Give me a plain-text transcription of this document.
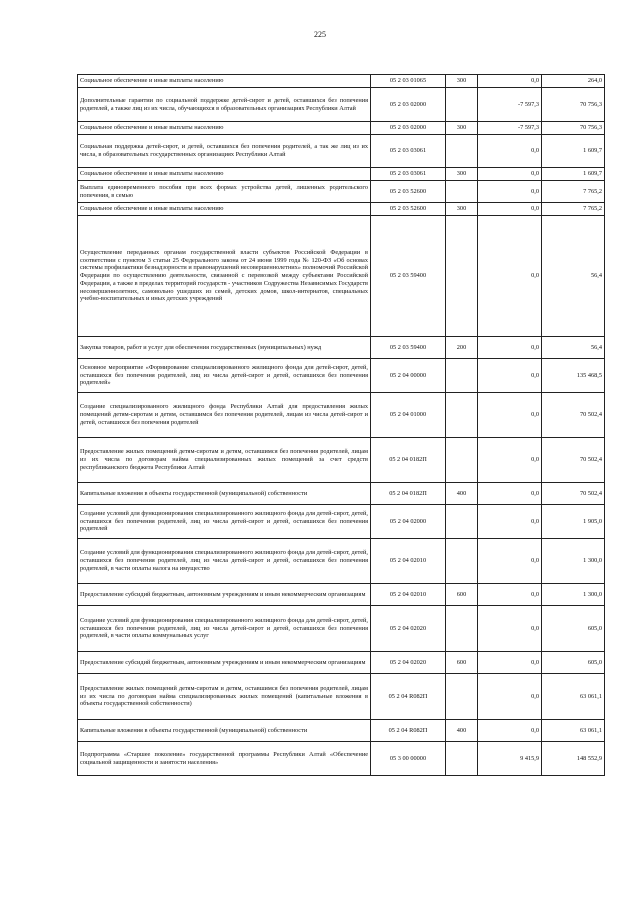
225
Социальное обеспечение и иные выплаты населению	05 2 03 01065	300	0,0	264,0
Дополнительные гарантии по социальной поддержке детей-сирот и детей, оставшихся без попечения родителей, а также лиц из их числа, обучающихся в образовательных организациях Республики Алтай	05 2 03 02000		-7 597,3	70 756,3
Социальное обеспечение и иные выплаты населению	05 2 03 02000	300	-7 597,3	70 756,3
Социальная поддержка детей-сирот, и детей, оставшихся без попечения родителей, а так же лиц из их числа, в образовательных государственных организациях Республики Алтай	05 2 03 03061		0,0	1 609,7
Социальное обеспечение и иные выплаты населению	05 2 03 03061	300	0,0	1 609,7
Выплата единовременного пособия при всех формах устройства детей, лишенных родительского попечения, в семью	05 2 03 52600		0,0	7 765,2
Социальное обеспечение и иные выплаты населению	05 2 03 52600	300	0,0	7 765,2
Осуществление переданных органам государственной власти субъектов Российской Федерации в соответствии с пунктом 3 статьи 25 Федерального закона от 24 июня 1999 года № 120-ФЗ «Об основах системы профилактики безнадзорности и правонарушений несовершеннолетних» полномочий Российской Федерации по осуществлению деятельности, связанной с перевозкой между субъектами Российской Федерации, а также в пределах территорий государств - участников Содружества Независимых Государств несовершеннолетних, самовольно ушедших из семей, детских домов, школ-интернатов, специальных учебно-воспитательных и иных детских учреждений	05 2 03 59400		0,0	56,4
Закупка товаров, работ и услуг для обеспечения государственных (муниципальных) нужд	05 2 03 59400	200	0,0	56,4
Основное мероприятие «Формирование специализированного жилищного фонда для детей-сирот, детей, оставшихся без попечения родителей, лиц из числа детей-сирот и детей, оставшихся без попечения родителей»	05 2 04 00000		0,0	135 468,5
Создание специализированного жилищного фонда Республики Алтай для предоставления жилых помещений детям-сиротам и детям, оставшимся без попечения родителей, лицам из числа детей-сирот и детей, оставшихся без попечения родителей	05 2 04 01000		0,0	70 502,4
Предоставление жилых помещений детям-сиротам и детям, оставшимся без попечения родителей, лицам из их числа по договорам найма специализированных жилых помещений за счет средств республиканского бюджета Республики Алтай	05 2 04 0182П		0,0	70 502,4
Капитальные вложения в объекты государственной (муниципальной) собственности	05 2 04 0182П	400	0,0	70 502,4
Создание условий для функционирования специализированного жилищного фонда для детей-сирот, детей, оставшихся без попечения родителей, лиц из числа детей-сирот и детей, оставшихся без попечения родителей	05 2 04 02000		0,0	1 905,0
Создание условий для функционирования специализированного жилищного фонда для детей-сирот, детей, оставшихся без попечения родителей, лиц из числа детей-сирот и детей, оставшихся без попечения родителей, в части оплаты налога на имущество	05 2 04 02010		0,0	1 300,0
Предоставление субсидий бюджетным, автономным учреждениям и иным некоммерческим организациям	05 2 04 02010	600	0,0	1 300,0
Создание условий для функционирования специализированного жилищного фонда для детей-сирот, детей, оставшихся без попечения родителей, лиц из числа детей-сирот и детей, оставшихся без попечения родителей, в части оплаты коммунальных услуг	05 2 04 02020		0,0	605,0
Предоставление субсидий бюджетным, автономным учреждениям и иным некоммерческим организациям	05 2 04 02020	600	0,0	605,0
Предоставление жилых помещений детям-сиротам и детям, оставшимся без попечения родителей, лицам из их числа по договорам найма специализированных жилых помещений (капитальные вложения в объекты государственной собственности)	05 2 04 R082П		0,0	63 061,1
Капитальные вложения в объекты государственной (муниципальной) собственности	05 2 04 R082П	400	0,0	63 061,1
Подпрограмма «Старшее поколение» государственной программы Республики Алтай «Обеспечение социальной защищенности и занятости населения»	05 3 00 00000		9 415,9	148 552,9
